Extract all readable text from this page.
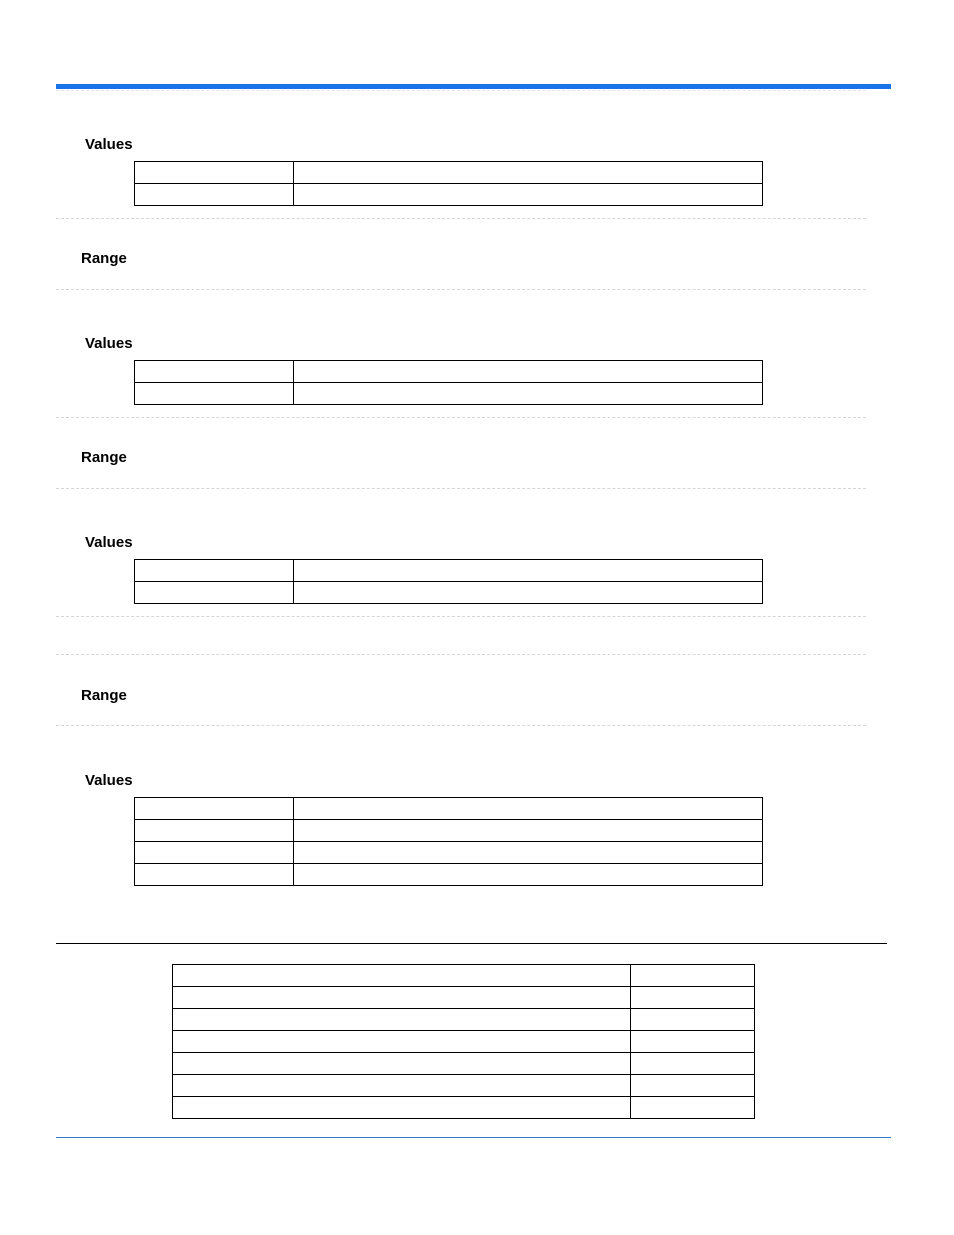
Values

Range
Values

Range
Values

Range
Values
